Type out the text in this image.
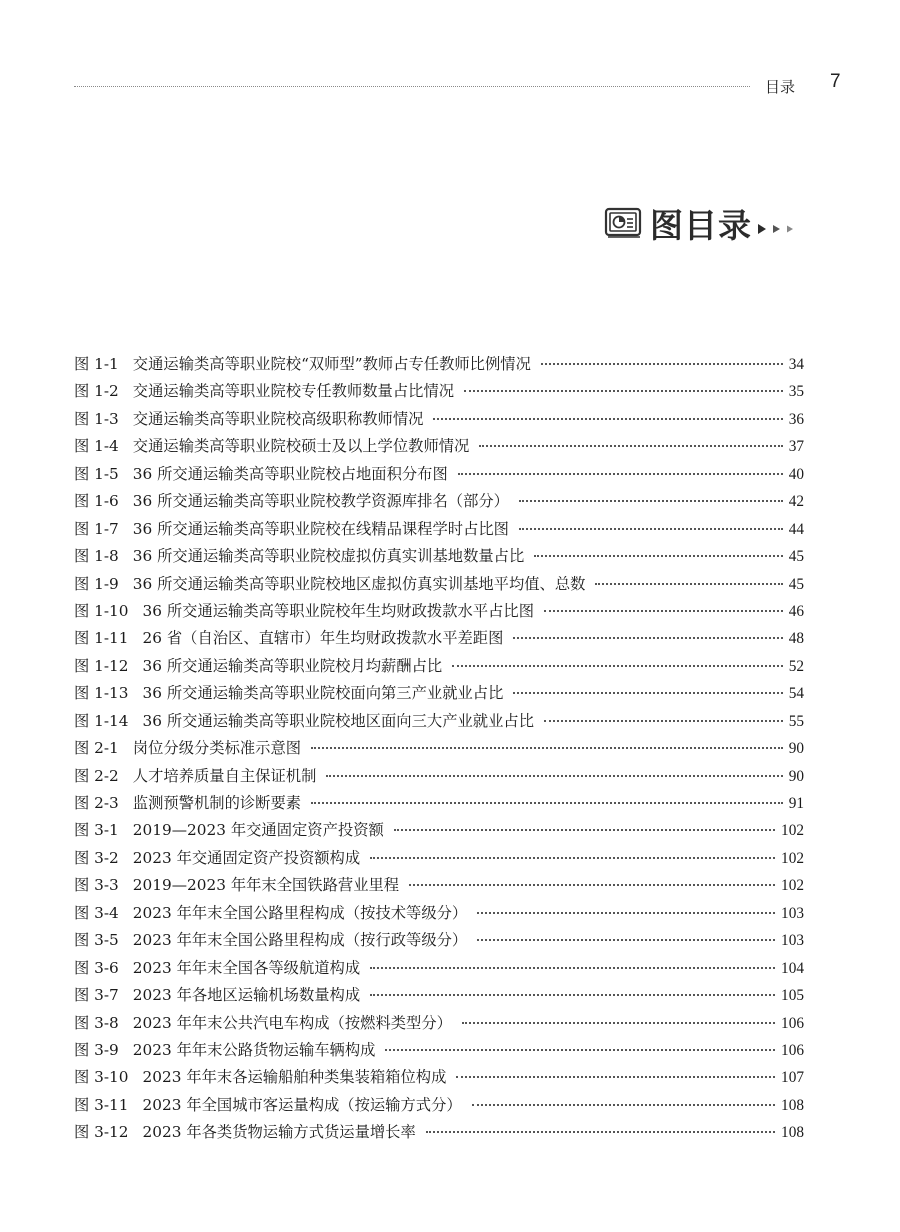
目录 7
图目录
图 1-1 交通运输类高等职业院校“双师型”教师占专任教师比例情况	34
图 1-2 交通运输类高等职业院校专任教师数量占比情况	35
图 1-3 交通运输类高等职业院校高级职称教师情况	36
图 1-4 交通运输类高等职业院校硕士及以上学位教师情况	37
图 1-5 36 所交通运输类高等职业院校占地面积分布图	40
图 1-6 36 所交通运输类高等职业院校教学资源库排名（部分）	42
图 1-7 36 所交通运输类高等职业院校在线精品课程学时占比图	44
图 1-8 36 所交通运输类高等职业院校虚拟仿真实训基地数量占比	45
图 1-9 36 所交通运输类高等职业院校地区虚拟仿真实训基地平均值、总数	45
图 1-10 36 所交通运输类高等职业院校年生均财政拨款水平占比图	46
图 1-11 26 省（自治区、直辖市）年生均财政拨款水平差距图	48
图 1-12 36 所交通运输类高等职业院校月均薪酬占比	52
图 1-13 36 所交通运输类高等职业院校面向第三产业就业占比	54
图 1-14 36 所交通运输类高等职业院校地区面向三大产业就业占比	55
图 2-1 岗位分级分类标准示意图	90
图 2-2 人才培养质量自主保证机制	90
图 2-3 监测预警机制的诊断要素	91
图 3-1 2019—2023 年交通固定资产投资额	102
图 3-2 2023 年交通固定资产投资额构成	102
图 3-3 2019—2023 年年末全国铁路营业里程	102
图 3-4 2023 年年末全国公路里程构成（按技术等级分）	103
图 3-5 2023 年年末全国公路里程构成（按行政等级分）	103
图 3-6 2023 年年末全国各等级航道构成	104
图 3-7 2023 年各地区运输机场数量构成	105
图 3-8 2023 年年末公共汽电车构成（按燃料类型分）	106
图 3-9 2023 年年末公路货物运输车辆构成	106
图 3-10 2023 年年末各运输船舶种类集装箱箱位构成	107
图 3-11 2023 年全国城市客运量构成（按运输方式分）	108
图 3-12 2023 年各类货物运输方式货运量增长率	108
